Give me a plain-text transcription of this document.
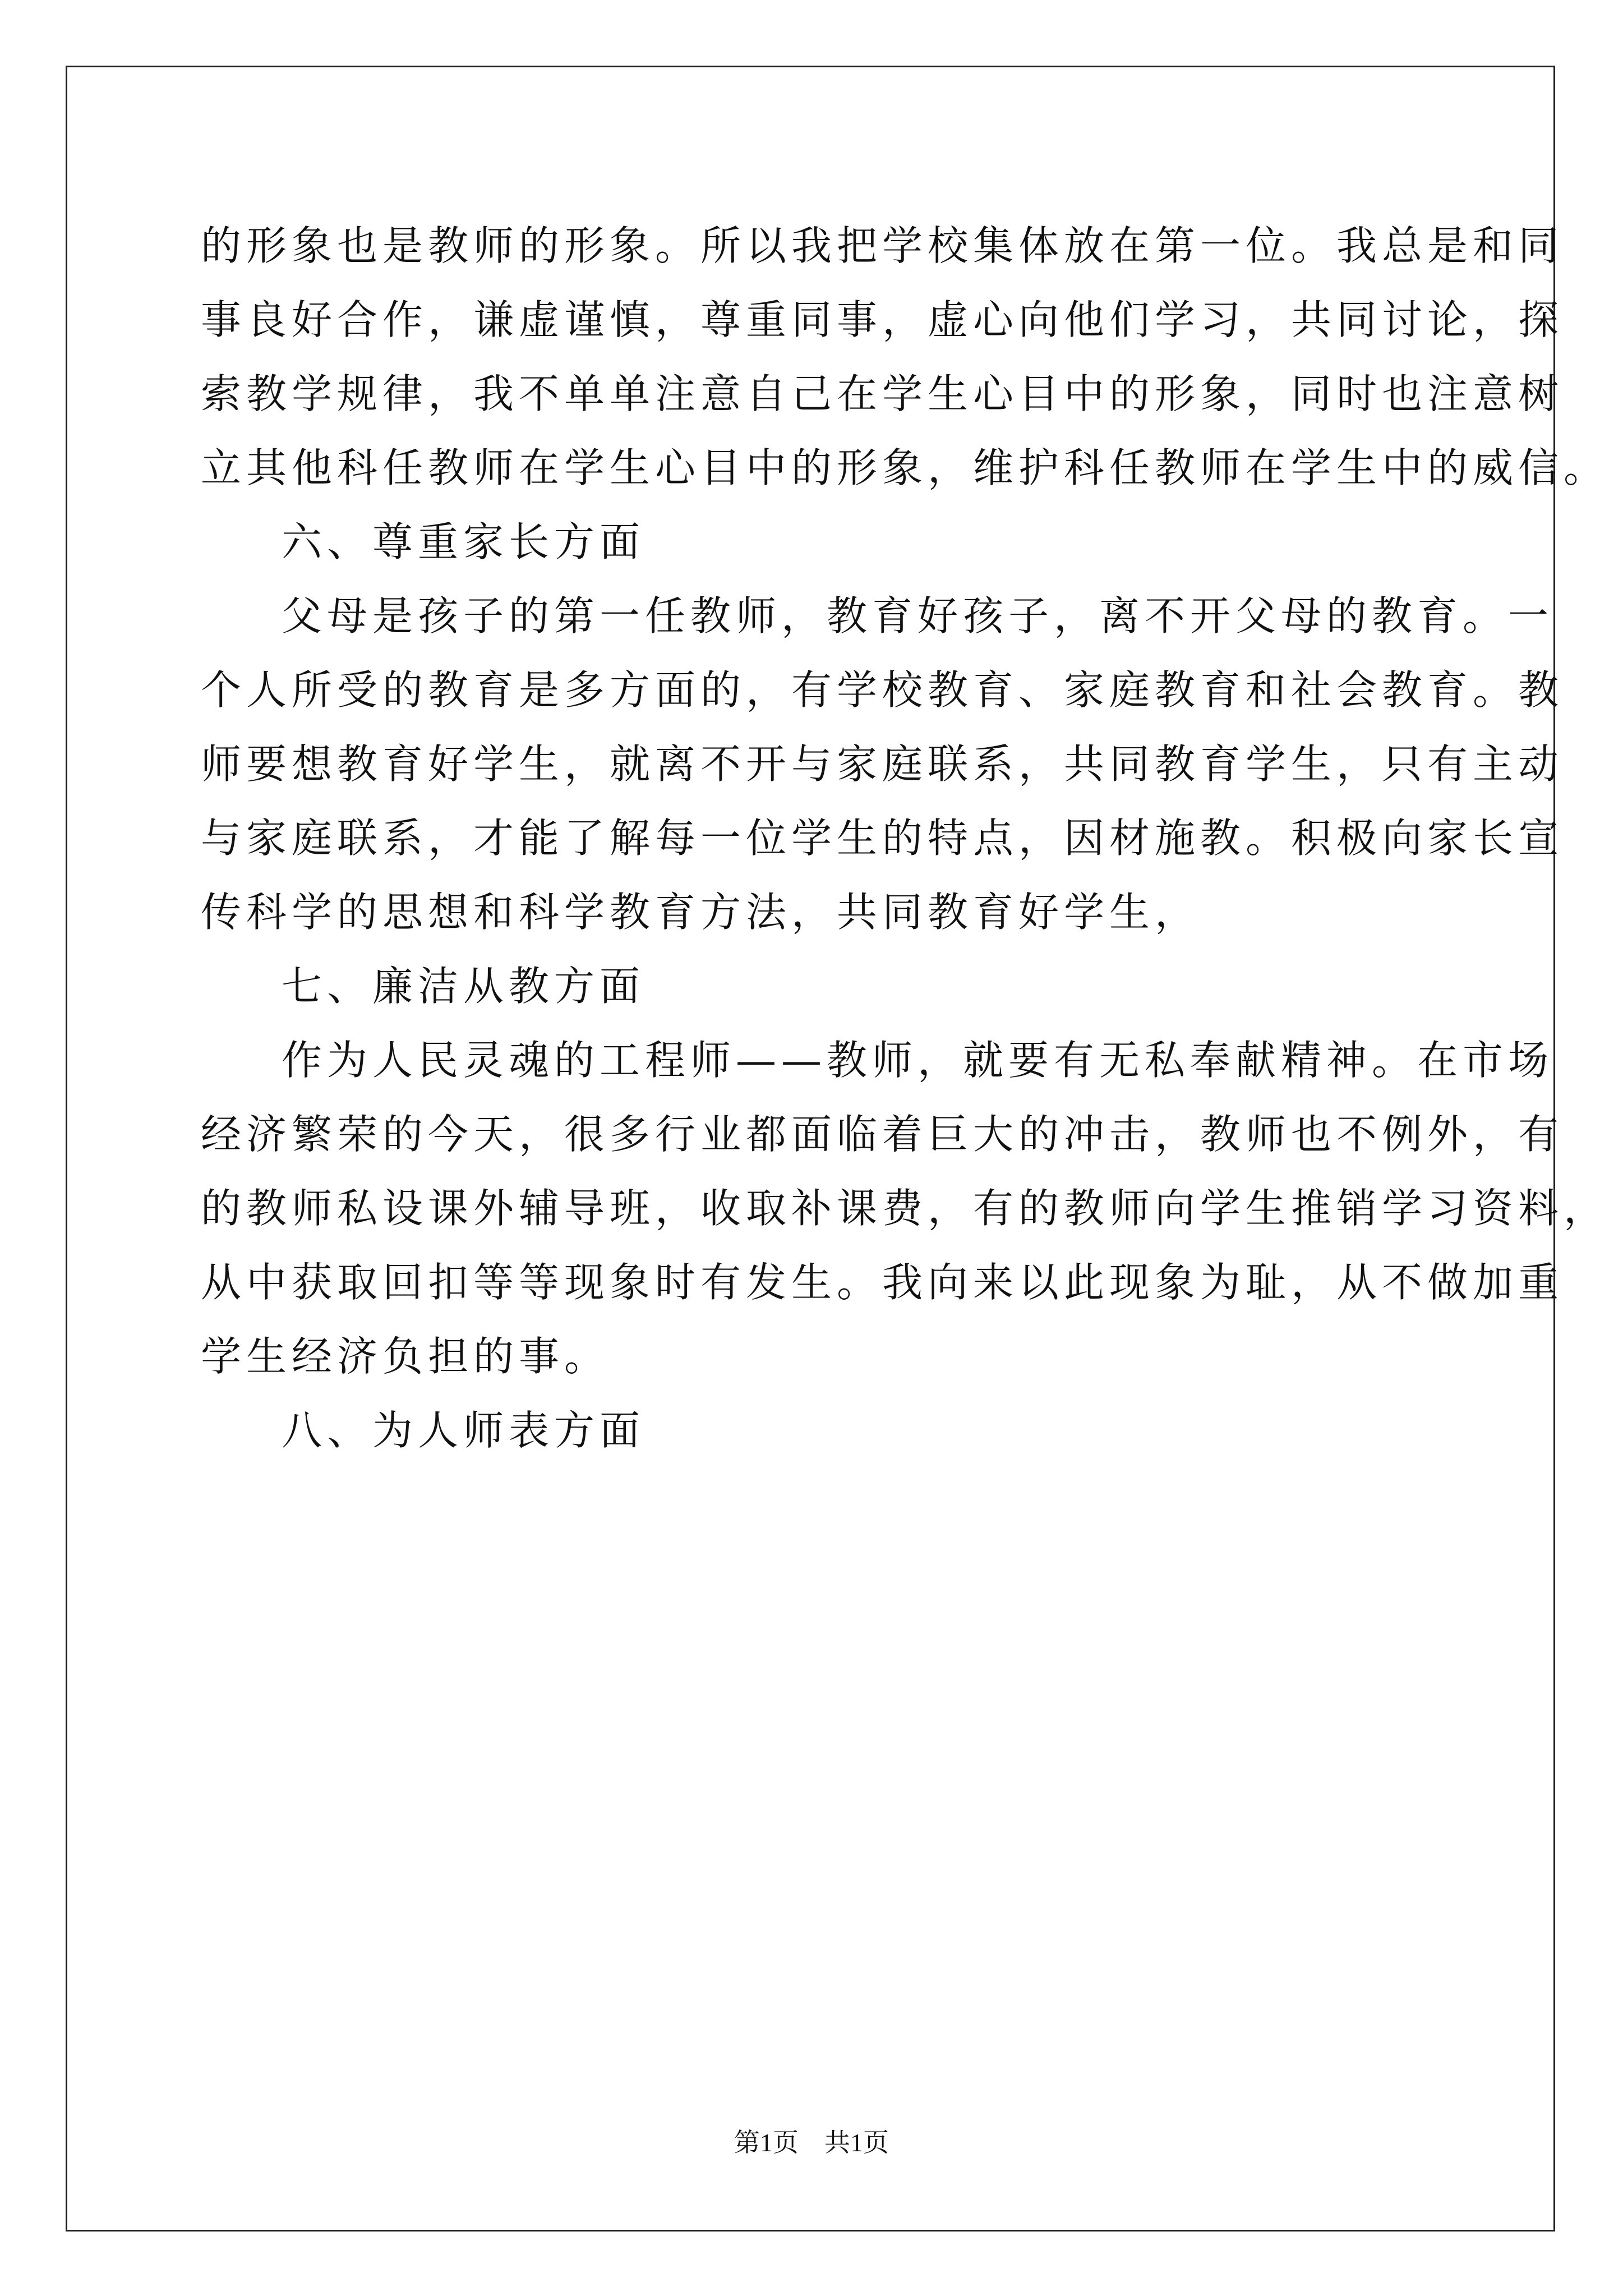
的形象也是教师的形象。所以我把学校集体放在第一位。我总是和同
事良好合作，谦虚谨慎，尊重同事，虚心向他们学习，共同讨论，探
索教学规律，我不单单注意自己在学生心目中的形象，同时也注意树
立其他科任教师在学生心目中的形象，维护科任教师在学生中的威信。
六、尊重家长方面
父母是孩子的第一任教师，教育好孩子，离不开父母的教育。一
个人所受的教育是多方面的，有学校教育、家庭教育和社会教育。教
师要想教育好学生，就离不开与家庭联系，共同教育学生，只有主动
与家庭联系，才能了解每一位学生的特点，因材施教。积极向家长宣
传科学的思想和科学教育方法，共同教育好学生，
七、廉洁从教方面
作为人民灵魂的工程师——教师，就要有无私奉献精神。在市场
经济繁荣的今天，很多行业都面临着巨大的冲击，教师也不例外，有
的教师私设课外辅导班，收取补课费，有的教师向学生推销学习资料，
从中获取回扣等等现象时有发生。我向来以此现象为耻，从不做加重
学生经济负担的事。
八、为人师表方面
第1页 共1页
